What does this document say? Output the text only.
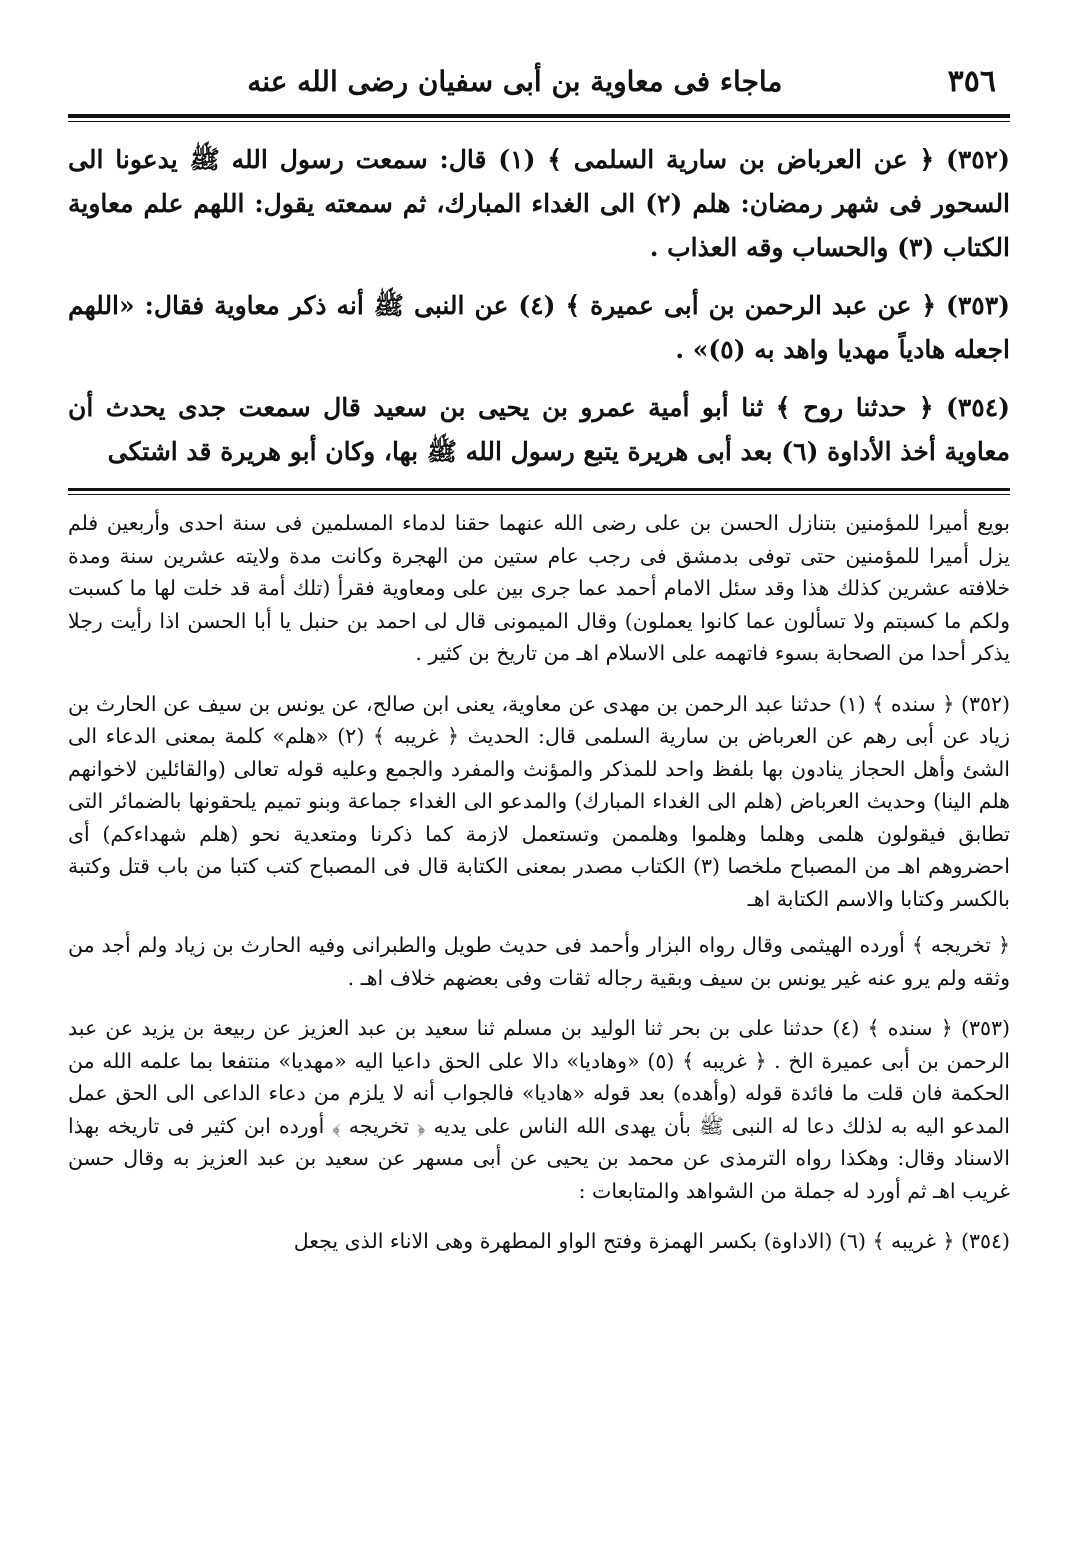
٣٥٦
ماجاء فى معاوية بن أبى سفيان رضى الله عنه

(٣٥٢) ﴿ عن العرباض بن سارية السلمى ﴾ (١) قال: سمعت رسول الله ﷺ يدعونا الى السحور فى شهر رمضان: هلم (٢) الى الغداء المبارك، ثم سمعته يقول: اللهم علم معاوية الكتاب (٣) والحساب وقه العذاب .

(٣٥٣) ﴿ عن عبد الرحمن بن أبى عميرة ﴾ (٤) عن النبى ﷺ أنه ذكر معاوية فقال: «اللهم اجعله هادياً مهديا واهد به (٥)» .

(٣٥٤) ﴿ حدثنا روح ﴾ ثنا أبو أمية عمرو بن يحيى بن سعيد قال سمعت جدى يحدث أن معاوية أخذ الأداوة (٦) بعد أبى هريرة يتبع رسول الله ﷺ بها، وكان أبو هريرة قد اشتكى

بويع أميرا للمؤمنين بتنازل الحسن بن على رضى الله عنهما حقنا لدماء المسلمين فى سنة احدى وأربعين فلم يزل أميرا للمؤمنين حتى توفى بدمشق فى رجب عام ستين من الهجرة وكانت مدة ولايته عشرين سنة ومدة خلافته عشرين كذلك هذا وقد سئل الامام أحمد عما جرى بين على ومعاوية فقرأ (تلك أمة قد خلت لها ما كسبت ولكم ما كسبتم ولا تسألون عما كانوا يعملون) وقال الميمونى قال لى احمد بن حنبل يا أبا الحسن اذا رأيت رجلا يذكر أحدا من الصحابة بسوء فاتهمه على الاسلام اهـ من تاريخ بن كثير .

(٣٥٢) ﴿ سنده ﴾ (١) حدثنا عبد الرحمن بن مهدى عن معاوية، يعنى ابن صالح، عن يونس بن سيف عن الحارث بن زياد عن أبى رهم عن العرباض بن سارية السلمى قال: الحديث ﴿ غريبه ﴾ (٢) «هلم» كلمة بمعنى الدعاء الى الشئ وأهل الحجاز ينادون بها بلفظ واحد للمذكر والمؤنث والمفرد والجمع وعليه قوله تعالى (والقائلين لاخوانهم هلم الينا) وحديث العرباض (هلم الى الغداء المبارك) والمدعو الى الغداء جماعة وبنو تميم يلحقونها بالضمائر التى تطابق فيقولون هلمى وهلما وهلموا وهلممن وتستعمل لازمة كما ذكرنا ومتعدية نحو (هلم شهداءكم) أى احضروهم اهـ من المصباح ملخصا (٣) الكتاب مصدر بمعنى الكتابة قال فى المصباح كتب كتبا من باب قتل وكتبة بالكسر وكتابا والاسم الكتابة اهـ

﴿ تخريجه ﴾ أورده الهيثمى وقال رواه البزار وأحمد فى حديث طويل والطبرانى وفيه الحارث بن زياد ولم أجد من وثقه ولم يرو عنه غير يونس بن سيف وبقية رجاله ثقات وفى بعضهم خلاف اهـ .

(٣٥٣) ﴿ سنده ﴾ (٤) حدثنا على بن بحر ثنا الوليد بن مسلم ثنا سعيد بن عبد العزيز عن ربيعة بن يزيد عن عبد الرحمن بن أبى عميرة الخ . ﴿ غريبه ﴾ (٥) «وهاديا» دالا على الحق داعيا اليه «مهديا» منتفعا بما علمه الله من الحكمة فان قلت ما فائدة قوله (وأهده) بعد قوله «هاديا» فالجواب أنه لا يلزم من دعاء الداعى الى الحق عمل المدعو اليه به لذلك دعا له النبى ﷺ بأن يهدى الله الناس على يديه ﴿ تخريجه ﴾ أورده ابن كثير فى تاريخه بهذا الاسناد وقال: وهكذا رواه الترمذى عن محمد بن يحيى عن أبى مسهر عن سعيد بن عبد العزيز به وقال حسن غريب اهـ ثم أورد له جملة من الشواهد والمتابعات :

(٣٥٤) ﴿ غريبه ﴾ (٦) (الاداوة) بكسر الهمزة وفتح الواو المطهرة وهى الاناء الذى يجعل
